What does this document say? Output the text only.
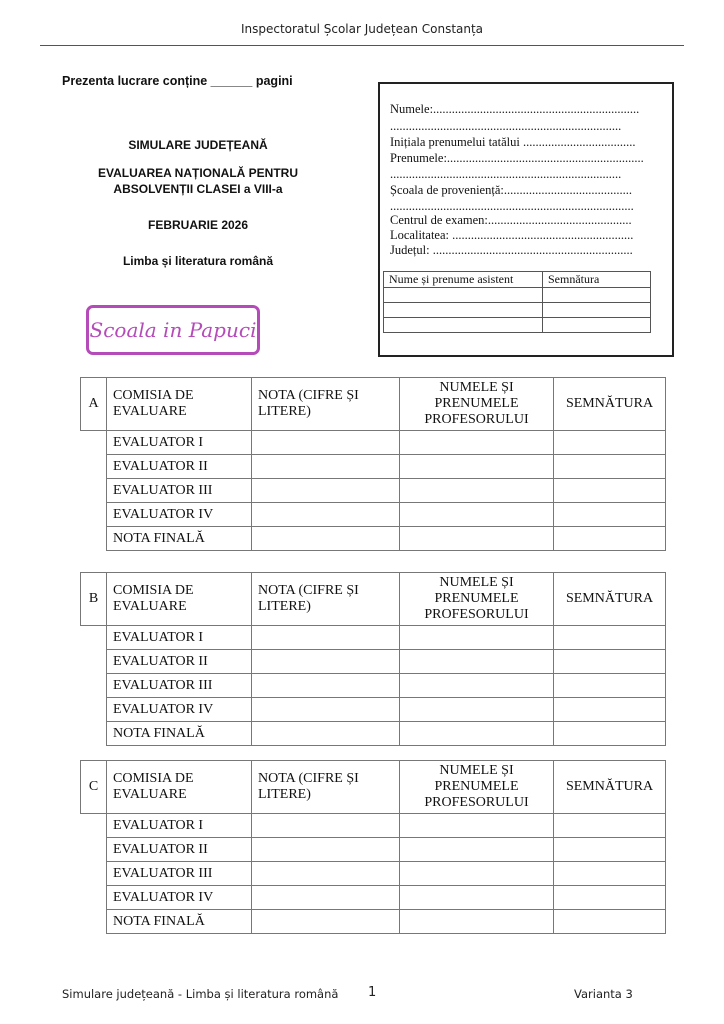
Inspectoratul Școlar Județean Constanța
Prezenta lucrare conține ______ pagini
SIMULARE JUDEȚEANĂ
EVALUAREA NAȚIONALĂ PENTRU
ABSOLVENȚII CLASEI a VIII-a
FEBRUARIE 2026
Limba și literatura română
Scoala in Papuci
Numele:..................................................................
..........................................................................
Inițiala prenumelui tatălui ....................................
Prenumele:...............................................................
..........................................................................
Școala de proveniență:.........................................
..............................................................................
Centrul de examen:..............................................
Localitatea: ..........................................................
Județul: ................................................................
Nume și prenume asistent	Semnătura

A	COMISIA DE EVALUARE	NOTA (CIFRE ȘI LITERE)	NUMELE ȘI PRENUMELE PROFESORULUI	SEMNĂTURA
	EVALUATOR I			
	EVALUATOR II			
	EVALUATOR III			
	EVALUATOR IV			
	NOTA FINALĂ			
B	COMISIA DE EVALUARE	NOTA (CIFRE ȘI LITERE)	NUMELE ȘI PRENUMELE PROFESORULUI	SEMNĂTURA
	EVALUATOR I			
	EVALUATOR II			
	EVALUATOR III			
	EVALUATOR IV			
	NOTA FINALĂ			
C	COMISIA DE EVALUARE	NOTA (CIFRE ȘI LITERE)	NUMELE ȘI PRENUMELE PROFESORULUI	SEMNĂTURA
	EVALUATOR I			
	EVALUATOR II			
	EVALUATOR III			
	EVALUATOR IV			
	NOTA FINALĂ			
Simulare județeană - Limba și literatura română 1	Varianta 3
